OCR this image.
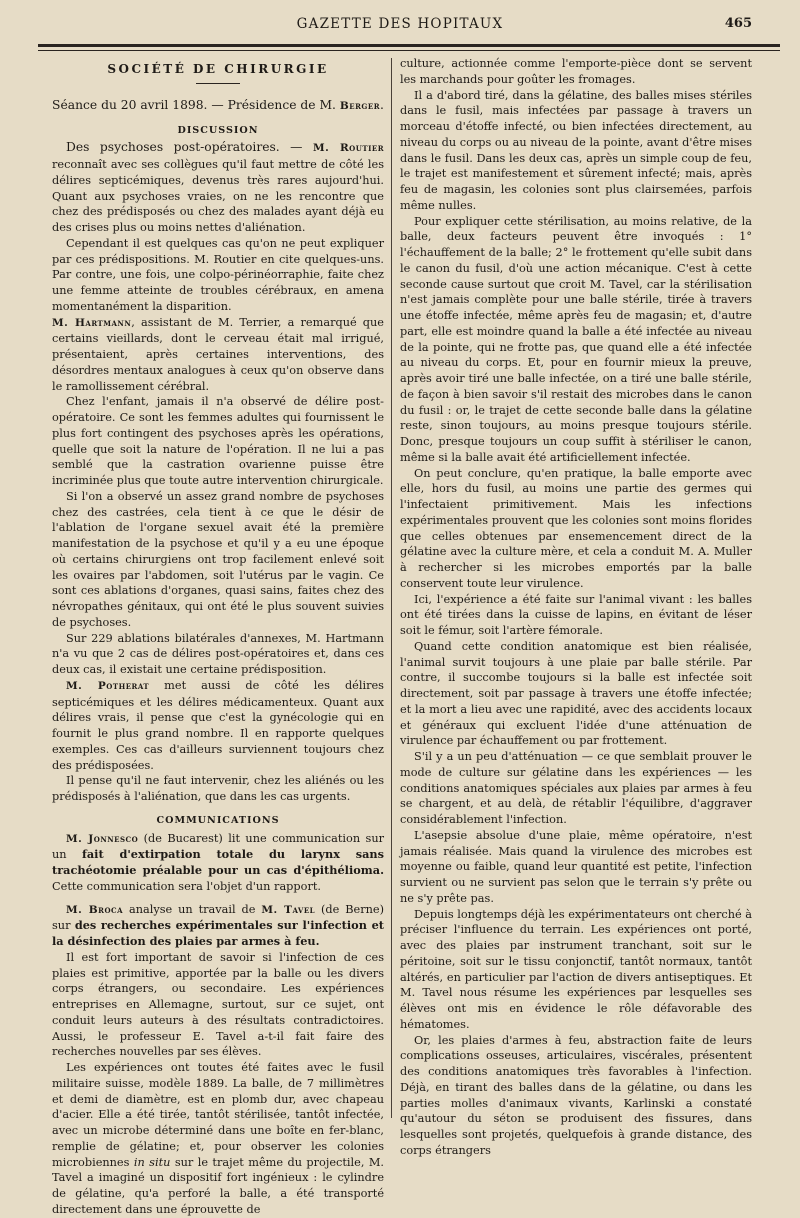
GAZETTE DES HOPITAUX	465
SOCIÉTÉ DE CHIRURGIE
Séance du 20 avril 1898. — Présidence de M. Berger.
DISCUSSION

Des psychoses post-opératoires. — M. Routier reconnaît avec ses collègues qu'il faut mettre de côté les délires septicémiques, devenus très rares aujourd'hui. Quant aux psychoses vraies, on ne les rencontre que chez des prédisposés ou chez des malades ayant déjà eu des crises plus ou moins nettes d'aliénation.

Cependant il est quelques cas qu'on ne peut expliquer par ces prédispositions. M. Routier en cite quelques-uns. Par contre, une fois, une colpo-périnéorraphie, faite chez une femme atteinte de troubles cérébraux, en amena momentanément la disparition.

M. Hartmann, assistant de M. Terrier, a remarqué que certains vieillards, dont le cerveau était mal irrigué, présentaient, après certaines interventions, des désordres mentaux analogues à ceux qu'on observe dans le ramollissement cérébral.

Chez l'enfant, jamais il n'a observé de délire post-opératoire. Ce sont les femmes adultes qui fournissent le plus fort contingent des psychoses après les opérations, quelle que soit la nature de l'opération. Il ne lui a pas semblé que la castration ovarienne puisse être incriminée plus que toute autre intervention chirurgicale.

Si l'on a observé un assez grand nombre de psychoses chez des castrées, cela tient à ce que le désir de l'ablation de l'organe sexuel avait été la première manifestation de la psychose et qu'il y a eu une époque où certains chirurgiens ont trop facilement enlevé soit les ovaires par l'abdomen, soit l'utérus par le vagin. Ce sont ces ablations d'organes, quasi sains, faites chez des névropathes génitaux, qui ont été le plus souvent suivies de psychoses.

Sur 229 ablations bilatérales d'annexes, M. Hartmann n'a vu que 2 cas de délires post-opératoires et, dans ces deux cas, il existait une certaine prédisposition.

M. Potherat met aussi de côté les délires septicémiques et les délires médicamenteux. Quant aux délires vrais, il pense que c'est la gynécologie qui en fournit le plus grand nombre. Il en rapporte quelques exemples. Ces cas d'ailleurs surviennent toujours chez des prédisposées.

Il pense qu'il ne faut intervenir, chez les aliénés ou les prédisposés à l'aliénation, que dans les cas urgents.

COMMUNICATIONS

M. Jonnesco (de Bucarest) lit une communication sur un fait d'extirpation totale du larynx sans trachéotomie préalable pour un cas d'épithélioma. Cette communication sera l'objet d'un rapport.

M. Broca analyse un travail de M. Tavel (de Berne) sur des recherches expérimentales sur l'infection et la désinfection des plaies par armes à feu.

Il est fort important de savoir si l'infection de ces plaies est primitive, apportée par la balle ou les divers corps étrangers, ou secondaire. Les expériences entreprises en Allemagne, surtout, sur ce sujet, ont conduit leurs auteurs à des résultats contradictoires. Aussi, le professeur E. Tavel a-t-il fait faire des recherches nouvelles par ses élèves.

Les expériences ont toutes été faites avec le fusil militaire suisse, modèle 1889. La balle, de 7 millimètres et demi de diamètre, est en plomb dur, avec chapeau d'acier. Elle a été tirée, tantôt stérilisée, tantôt infectée, avec un microbe déterminé dans une boîte en fer-blanc, remplie de gélatine; et, pour observer les colonies microbiennes in situ sur le trajet même du projectile, M. Tavel a imaginé un dispositif fort ingénieux : le cylindre de gélatine, qu'a perforé la balle, a été transporté directement dans une éprouvette de

culture, actionnée comme l'emporte-pièce dont se servent les marchands pour goûter les fromages.

Il a d'abord tiré, dans la gélatine, des balles mises stériles dans le fusil, mais infectées par passage à travers un morceau d'étoffe infecté, ou bien infectées directement, au niveau du corps ou au niveau de la pointe, avant d'être mises dans le fusil. Dans les deux cas, après un simple coup de feu, le trajet est manifestement et sûrement infecté; mais, après feu de magasin, les colonies sont plus clairsemées, parfois même nulles.

Pour expliquer cette stérilisation, au moins relative, de la balle, deux facteurs peuvent être invoqués : 1° l'échauffement de la balle; 2° le frottement qu'elle subit dans le canon du fusil, d'où une action mécanique. C'est à cette seconde cause surtout que croit M. Tavel, car la stérilisation n'est jamais complète pour une balle stérile, tirée à travers une étoffe infectée, même après feu de magasin; et, d'autre part, elle est moindre quand la balle a été infectée au niveau de la pointe, qui ne frotte pas, que quand elle a été infectée au niveau du corps. Et, pour en fournir mieux la preuve, après avoir tiré une balle infectée, on a tiré une balle stérile, de façon à bien savoir s'il restait des microbes dans le canon du fusil : or, le trajet de cette seconde balle dans la gélatine reste, sinon toujours, au moins presque toujours stérile. Donc, presque toujours un coup suffit à stériliser le canon, même si la balle avait été artificiellement infectée.

On peut conclure, qu'en pratique, la balle emporte avec elle, hors du fusil, au moins une partie des germes qui l'infectaient primitivement. Mais les infections expérimentales prouvent que les colonies sont moins florides que celles obtenues par ensemencement direct de la gélatine avec la culture mère, et cela a conduit M. A. Muller à rechercher si les microbes emportés par la balle conservent toute leur virulence.

Ici, l'expérience a été faite sur l'animal vivant : les balles ont été tirées dans la cuisse de lapins, en évitant de léser soit le fémur, soit l'artère fémorale.

Quand cette condition anatomique est bien réalisée, l'animal survit toujours à une plaie par balle stérile. Par contre, il succombe toujours si la balle est infectée soit directement, soit par passage à travers une étoffe infectée; et la mort a lieu avec une rapidité, avec des accidents locaux et généraux qui excluent l'idée d'une atténuation de virulence par échauffement ou par frottement.

S'il y a un peu d'atténuation — ce que semblait prouver le mode de culture sur gélatine dans les expériences — les conditions anatomiques spéciales aux plaies par armes à feu se chargent, et au delà, de rétablir l'équilibre, d'aggraver considérablement l'infection.

L'asepsie absolue d'une plaie, même opératoire, n'est jamais réalisée. Mais quand la virulence des microbes est moyenne ou faible, quand leur quantité est petite, l'infection survient ou ne survient pas selon que le terrain s'y prête ou ne s'y prête pas.

Depuis longtemps déjà les expérimentateurs ont cherché à préciser l'influence du terrain. Les expériences ont porté, avec des plaies par instrument tranchant, soit sur le péritoine, soit sur le tissu conjonctif, tantôt normaux, tantôt altérés, en particulier par l'action de divers antiseptiques. Et M. Tavel nous résume les expériences par lesquelles ses élèves ont mis en évidence le rôle défavorable des hématomes.

Or, les plaies d'armes à feu, abstraction faite de leurs complications osseuses, articulaires, viscérales, présentent des conditions anatomiques très favorables à l'infection. Déjà, en tirant des balles dans de la gélatine, ou dans les parties molles d'animaux vivants, Karlinski a constaté qu'autour du séton se produisent des fissures, dans lesquelles sont projetés, quelquefois à grande distance, des corps étrangers
